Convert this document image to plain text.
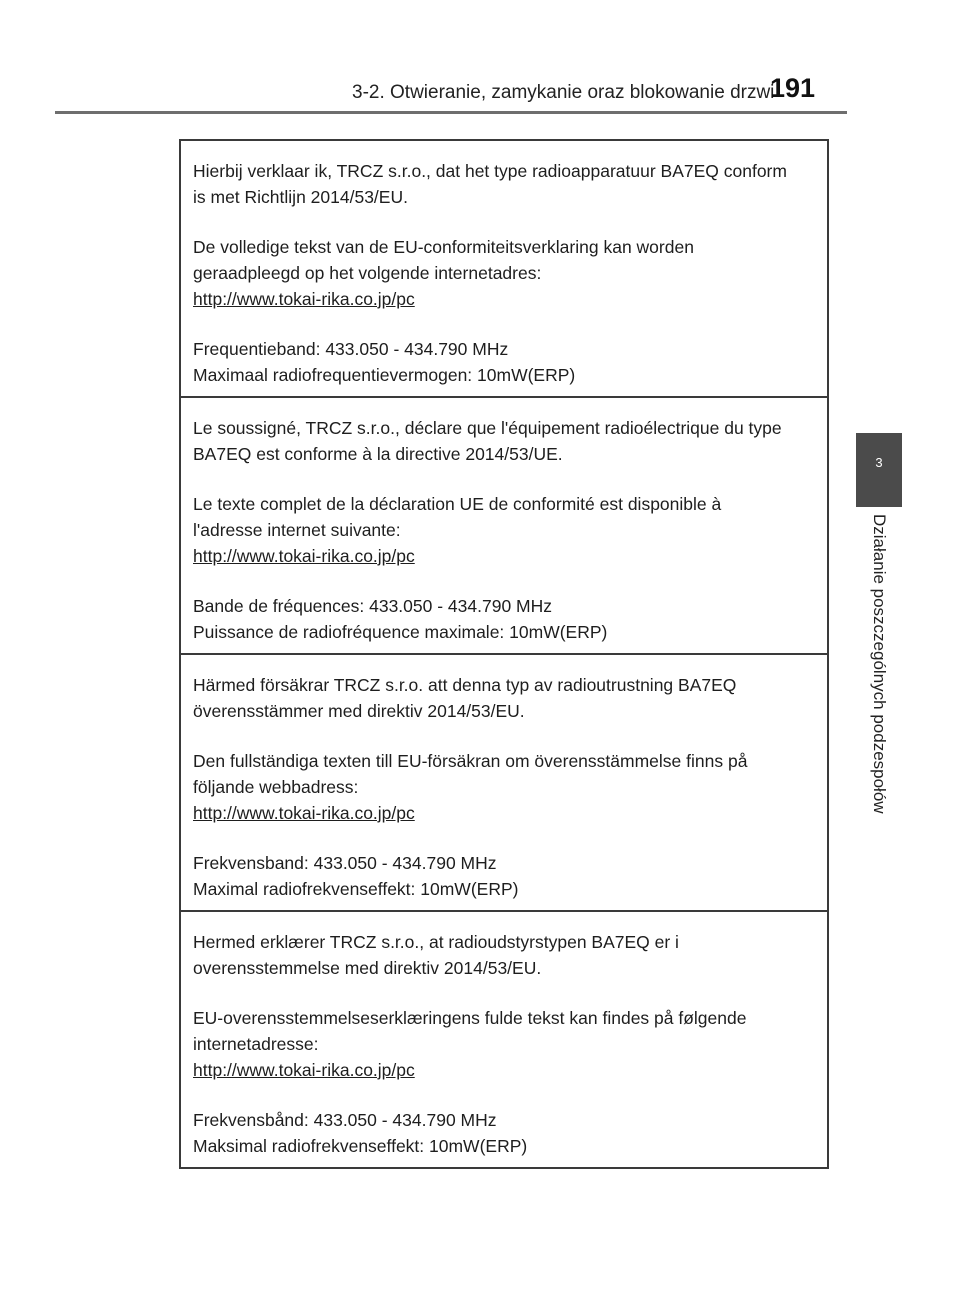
3-2. Otwieranie, zamykanie oraz blokowanie drzwi
191
3
Działanie poszczególnych podzespołów

Hierbij verklaar ik, TRCZ s.r.o., dat het type radioapparatuur BA7EQ conform is met Richtlijn 2014/53/EU.

De volledige tekst van de EU-conformiteitsverklaring kan worden geraadpleegd op het volgende internetadres:

http://www.tokai-rika.co.jp/pc

Frequentieband: 433.050 - 434.790 MHz

Maximaal radiofrequentievermogen: 10mW(ERP)

Le soussigné, TRCZ s.r.o., déclare que l'équipement radioélectrique du type BA7EQ est conforme à la directive 2014/53/UE.

Le texte complet de la déclaration UE de conformité est disponible à l'adresse internet suivante:

http://www.tokai-rika.co.jp/pc

Bande de fréquences: 433.050 - 434.790 MHz

Puissance de radiofréquence maximale: 10mW(ERP)

Härmed försäkrar TRCZ s.r.o. att denna typ av radioutrustning BA7EQ överensstämmer med direktiv 2014/53/EU.

Den fullständiga texten till EU-försäkran om överensstämmelse finns på följande webbadress:

http://www.tokai-rika.co.jp/pc

Frekvensband: 433.050 - 434.790 MHz

Maximal radiofrekvenseffekt: 10mW(ERP)

Hermed erklærer TRCZ s.r.o., at radioudstyrstypen BA7EQ er i overensstemmelse med direktiv 2014/53/EU.

EU-overensstemmelseserklæringens fulde tekst kan findes på følgende internetadresse:

http://www.tokai-rika.co.jp/pc

Frekvensbånd: 433.050 - 434.790 MHz

Maksimal radiofrekvenseffekt: 10mW(ERP)
